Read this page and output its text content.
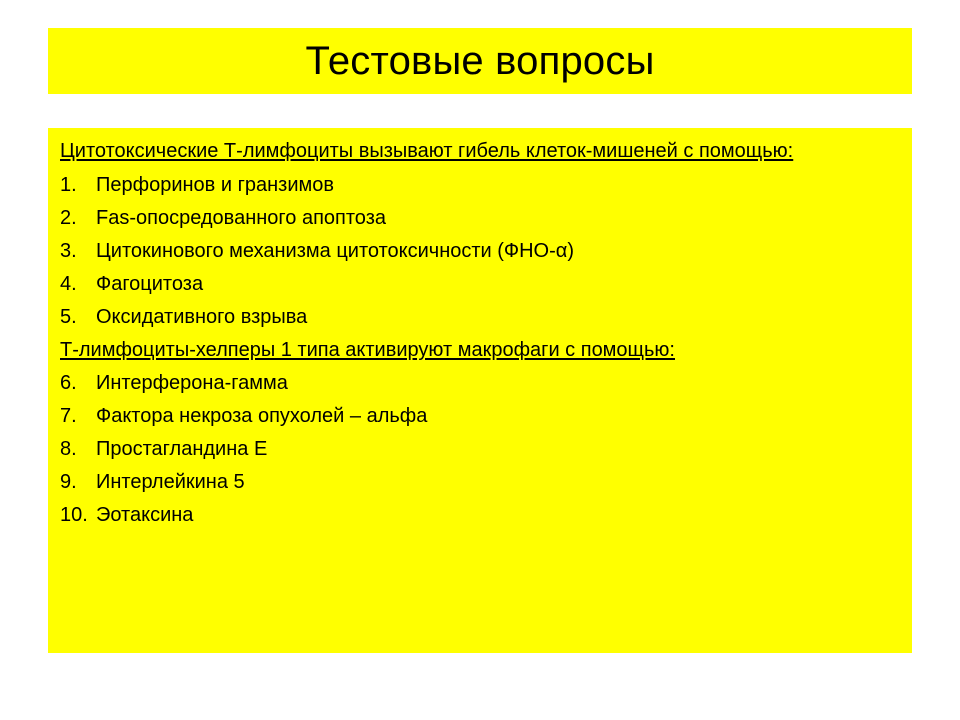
Тестовые вопросы
Цитотоксические Т-лимфоциты вызывают гибель клеток-мишеней с помощью:
1. Перфоринов и гранзимов
2. Fas-опосредованного апоптоза
3. Цитокинового механизма цитотоксичности (ФНО-α)
4. Фагоцитоза
5. Оксидативного взрыва
Т-лимфоциты-хелперы 1 типа активируют макрофаги с помощью:
6. Интерферона-гамма
7. Фактора некроза опухолей – альфа
8. Простагландина Е
9. Интерлейкина 5
10. Эотаксина
